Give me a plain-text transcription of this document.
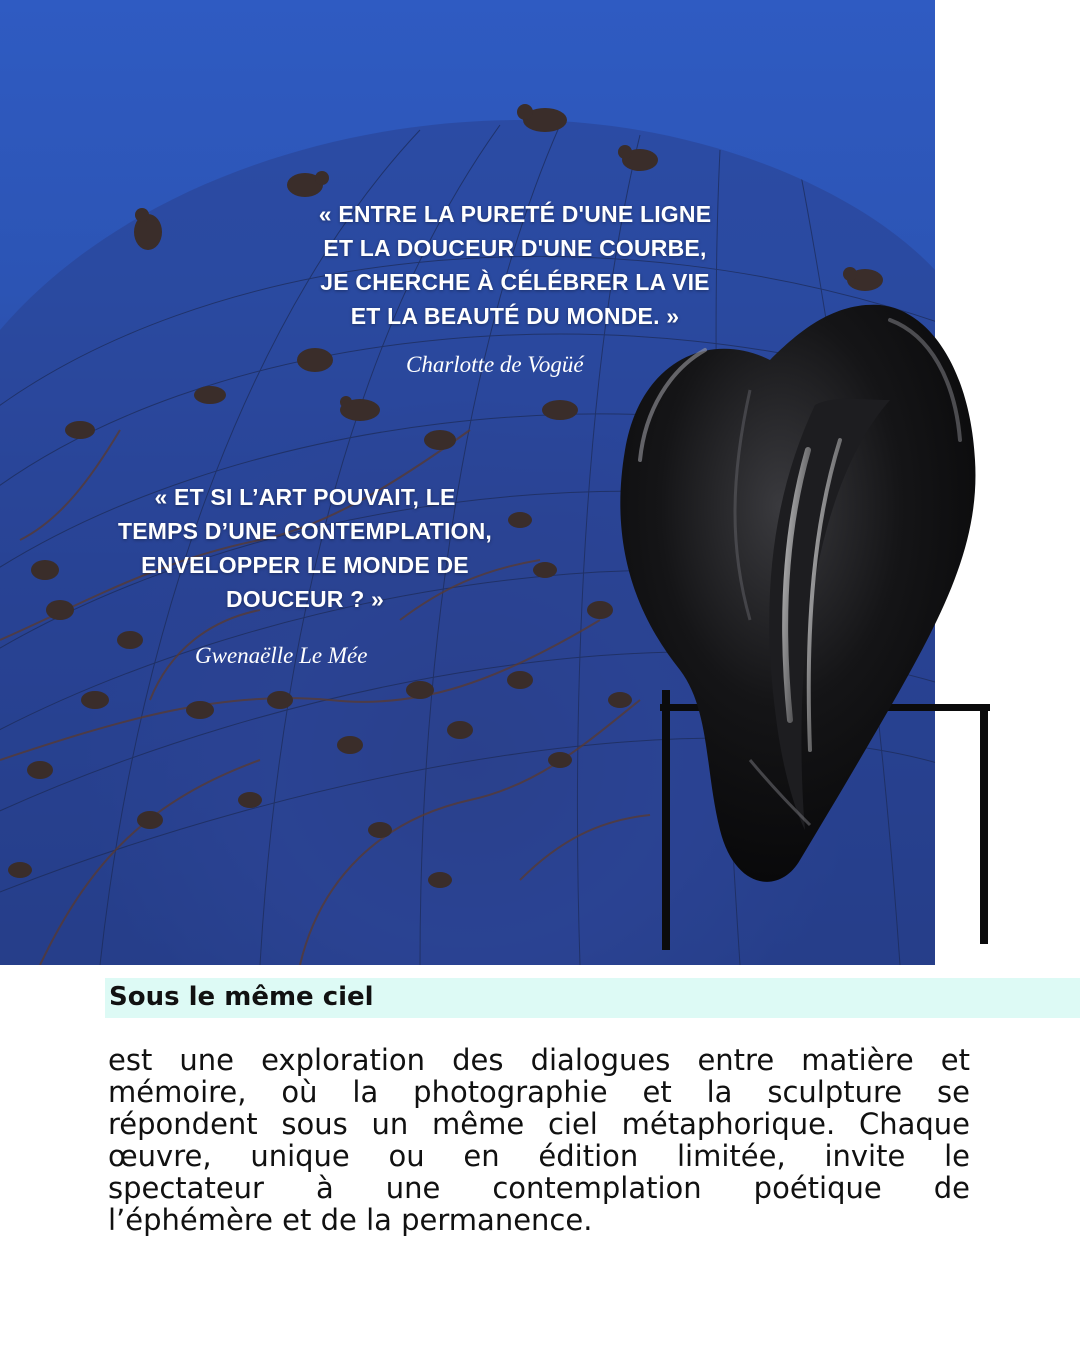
« ENTRE LA PURETÉ D'UNE LIGNE
ET LA DOUCEUR D'UNE COURBE,
JE CHERCHE À CÉLÉBRER LA VIE
ET LA BEAUTÉ DU MONDE. »
Charlotte de Vogüé
« ET SI L’ART POUVAIT, LE
TEMPS D’UNE CONTEMPLATION,
ENVELOPPER LE MONDE DE
DOUCEUR ? »
Gwenaëlle Le Mée
Sous le même ciel
est une exploration des dialogues entre matière et
mémoire, où la photographie et la sculpture se
répondent sous un même ciel métaphorique. Chaque
œuvre, unique ou en édition limitée, invite le
spectateur à une contemplation poétique de
l’éphémère et de la permanence.
